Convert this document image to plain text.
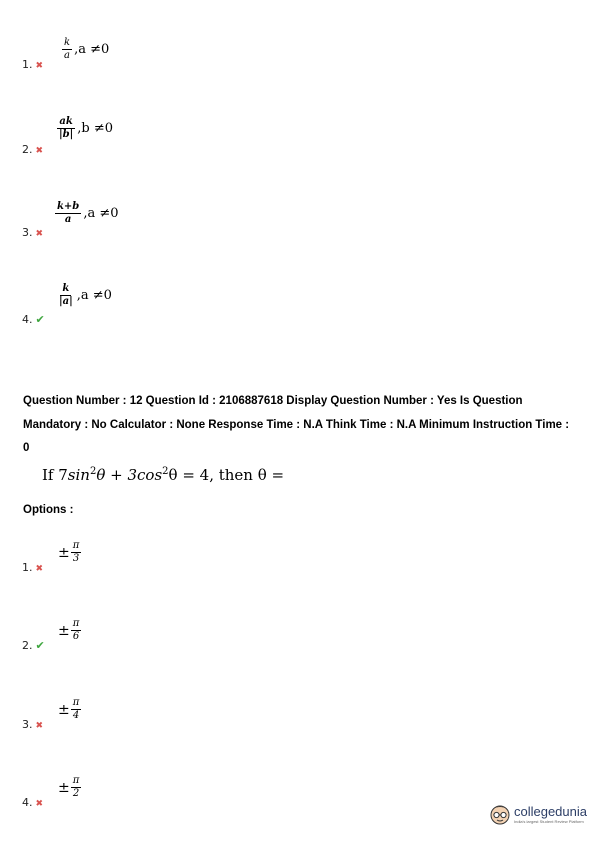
$\frac{k}{a} ,a \ne 0$
1. ✖
$\frac{ak}{|b|} ,b \ne 0$
2. ✖
$\frac{k+b}{a} ,a \ne 0$
3. ✖
$\frac{k}{|a|} ,a \ne 0$
4. ✔
Question Number : 12 Question Id : 2106887618 Display Question Number : Yes Is Question Mandatory : No Calculator : None Response Time : N.A Think Time : N.A Minimum Instruction Time : 0
If $7\sin^2\theta + 3\cos^2\theta = 4$, then θ =
Options :
± $\frac{\pi}{3}$
1. ✖
± $\frac{\pi}{6}$
2. ✔
± $\frac{\pi}{4}$
3. ✖
± $\frac{\pi}{2}$
4. ✖	collegedunia
India's largest Student Review Platform
